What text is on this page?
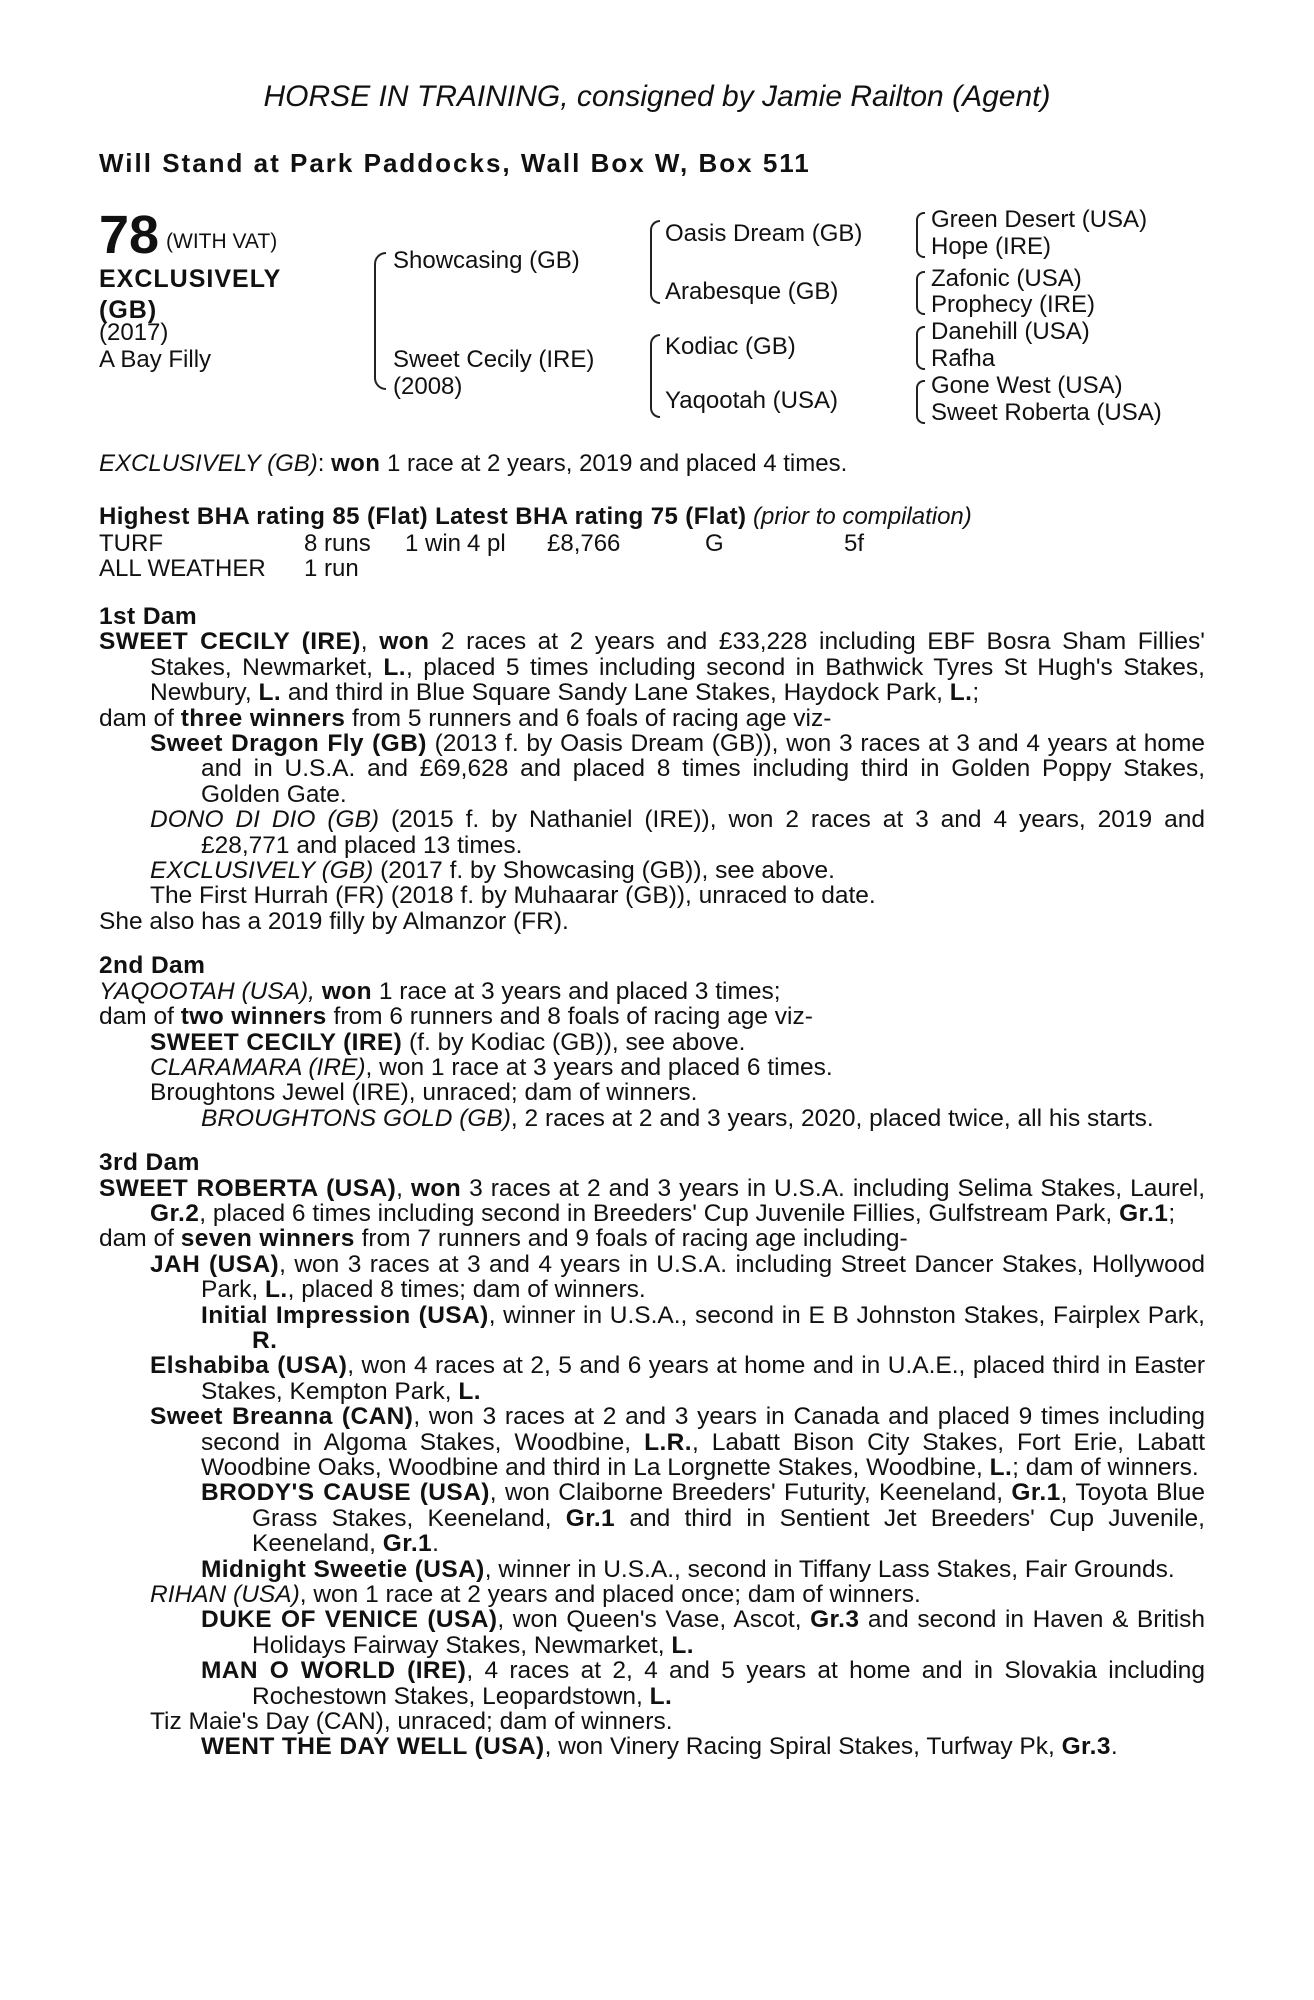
HORSE IN TRAINING, consigned by Jamie Railton (Agent)
Will Stand at Park Paddocks, Wall Box W, Box 511
78 (WITH VAT)
EXCLUSIVELY
(GB)
(2017)
A Bay Filly
Showcasing (GB)
Sweet Cecily (IRE)
(2008)
Oasis Dream (GB)
Arabesque (GB)
Kodiac (GB)
Yaqootah (USA)
Green Desert (USA)
Hope (IRE)
Zafonic (USA)
Prophecy (IRE)
Danehill (USA)
Rafha
Gone West (USA)
Sweet Roberta (USA)
EXCLUSIVELY (GB): won 1 race at 2 years, 2019 and placed 4 times.
Highest BHA rating 85 (Flat) Latest BHA rating 75 (Flat) (prior to compilation)
TURF	8 runs 1 win 4 pl £8,766	G	5f
ALL WEATHER 1 run

1st Dam

SWEET CECILY (IRE), won 2 races at 2 years and £33,228 including EBF Bosra Sham Fillies' Stakes, Newmarket, L., placed 5 times including second in Bathwick Tyres St Hugh's Stakes, Newbury, L. and third in Blue Square Sandy Lane Stakes, Haydock Park, L.;

dam of three winners from 5 runners and 6 foals of racing age viz-

Sweet Dragon Fly (GB) (2013 f. by Oasis Dream (GB)), won 3 races at 3 and 4 years at home and in U.S.A. and £69,628 and placed 8 times including third in Golden Poppy Stakes, Golden Gate.

DONO DI DIO (GB) (2015 f. by Nathaniel (IRE)), won 2 races at 3 and 4 years, 2019 and £28,771 and placed 13 times.

EXCLUSIVELY (GB) (2017 f. by Showcasing (GB)), see above.

The First Hurrah (FR) (2018 f. by Muhaarar (GB)), unraced to date.

She also has a 2019 filly by Almanzor (FR).

2nd Dam

YAQOOTAH (USA), won 1 race at 3 years and placed 3 times;

dam of two winners from 6 runners and 8 foals of racing age viz-

SWEET CECILY (IRE) (f. by Kodiac (GB)), see above.

CLARAMARA (IRE), won 1 race at 3 years and placed 6 times.

Broughtons Jewel (IRE), unraced; dam of winners.

BROUGHTONS GOLD (GB), 2 races at 2 and 3 years, 2020, placed twice, all his starts.

3rd Dam

SWEET ROBERTA (USA), won 3 races at 2 and 3 years in U.S.A. including Selima Stakes, Laurel, Gr.2, placed 6 times including second in Breeders' Cup Juvenile Fillies, Gulfstream Park, Gr.1;

dam of seven winners from 7 runners and 9 foals of racing age including-

JAH (USA), won 3 races at 3 and 4 years in U.S.A. including Street Dancer Stakes, Hollywood Park, L., placed 8 times; dam of winners.

Initial Impression (USA), winner in U.S.A., second in E B Johnston Stakes, Fairplex Park, R.

Elshabiba (USA), won 4 races at 2, 5 and 6 years at home and in U.A.E., placed third in Easter Stakes, Kempton Park, L.

Sweet Breanna (CAN), won 3 races at 2 and 3 years in Canada and placed 9 times including second in Algoma Stakes, Woodbine, L.R., Labatt Bison City Stakes, Fort Erie, Labatt Woodbine Oaks, Woodbine and third in La Lorgnette Stakes, Woodbine, L.; dam of winners.

BRODY'S CAUSE (USA), won Claiborne Breeders' Futurity, Keeneland, Gr.1, Toyota Blue Grass Stakes, Keeneland, Gr.1 and third in Sentient Jet Breeders' Cup Juvenile, Keeneland, Gr.1.

Midnight Sweetie (USA), winner in U.S.A., second in Tiffany Lass Stakes, Fair Grounds.

RIHAN (USA), won 1 race at 2 years and placed once; dam of winners.

DUKE OF VENICE (USA), won Queen's Vase, Ascot, Gr.3 and second in Haven & British Holidays Fairway Stakes, Newmarket, L.

MAN O WORLD (IRE), 4 races at 2, 4 and 5 years at home and in Slovakia including Rochestown Stakes, Leopardstown, L.

Tiz Maie's Day (CAN), unraced; dam of winners.

WENT THE DAY WELL (USA), won Vinery Racing Spiral Stakes, Turfway Pk, Gr.3.
